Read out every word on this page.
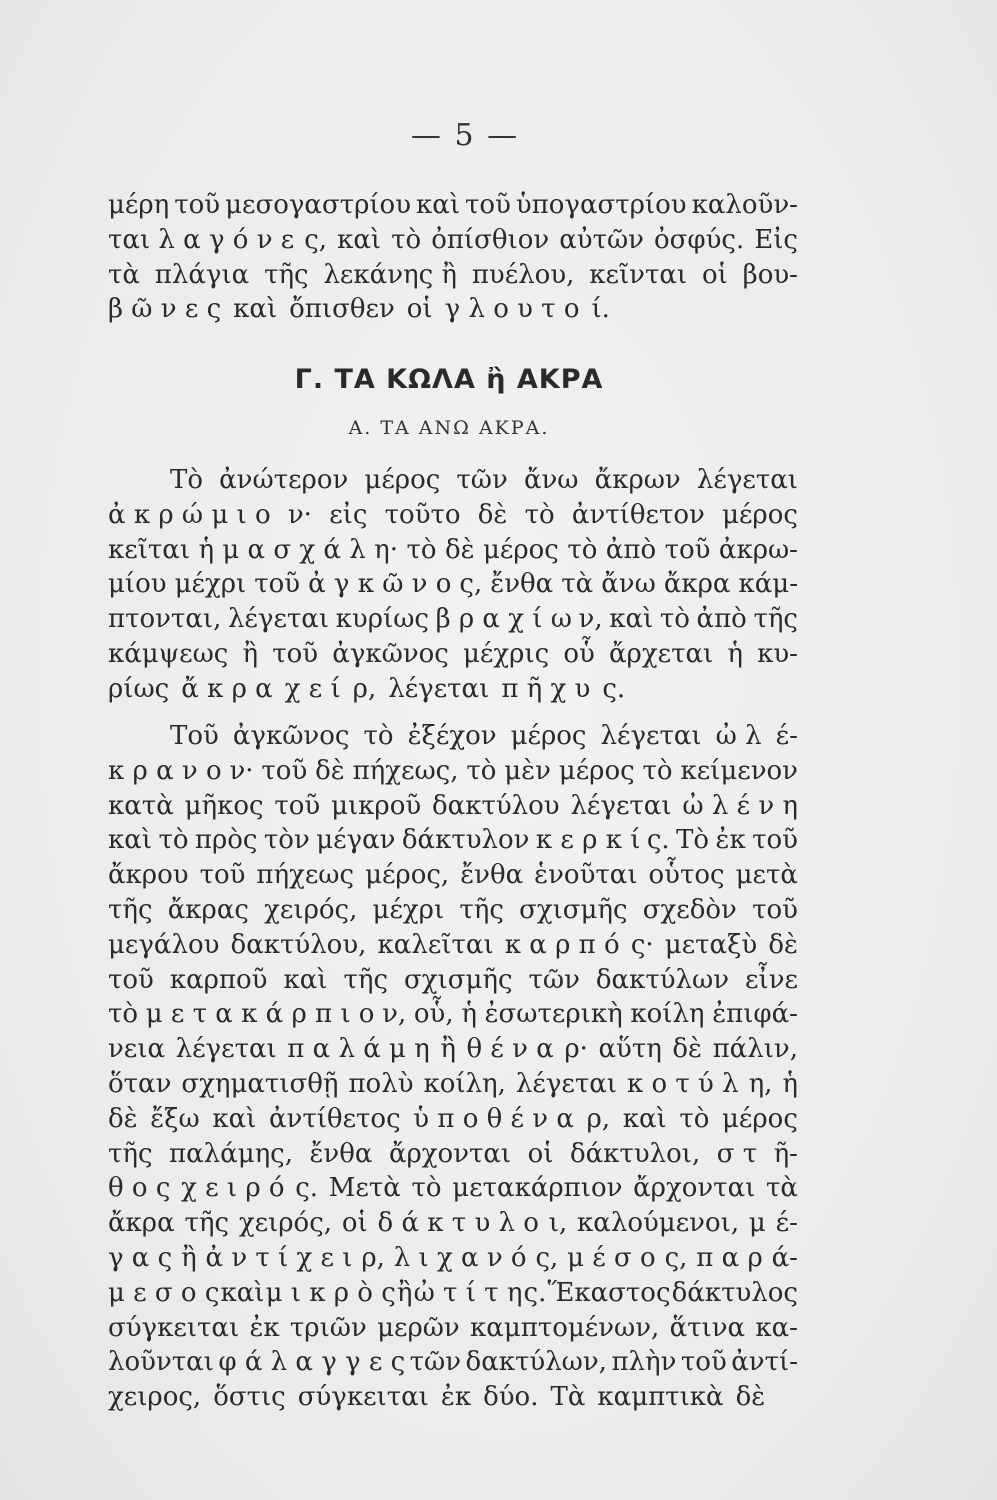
— 5 —
μέρη τοῦ μεσογαστρίου καὶ τοῦ ὑπογαστρίου καλοῦν-
ται λ α γ ό ν ε ς, καὶ τὸ ὀπίσθιον αὐτῶν ὀσφύς. Εἰς
τὰ πλάγια τῆς λεκάνης ἢ πυέλου, κεῖνται οἱ βου-
β ῶ ν ε ς καὶ ὄπισθεν οἱ γ λ ο υ τ ο ί.
Γ. ΤΑ ΚΩΛΑ ἢ ΑΚΡΑ
Α. ΤΑ ΑΝΩ ΑΚΡΑ.
Τὸ ἀνώτερον μέρος τῶν ἄνω ἄκρων λέγεται
ἀ κ ρ ώ μ ι ο ν· εἰς τοῦτο δὲ τὸ ἀντίθετον μέρος
κεῖται ἡ μ α σ χ ά λ η· τὸ δὲ μέρος τὸ ἀπὸ τοῦ ἀκρω-
μίου μέχρι τοῦ ἀ γ κ ῶ ν ο ς, ἔνθα τὰ ἄνω ἄκρα κάμ-
πτονται, λέγεται κυρίως β ρ α χ ί ω ν, καὶ τὸ ἀπὸ τῆς
κάμψεως ἢ τοῦ ἀγκῶνος μέχρις οὗ ἄρχεται ἡ κυ-
ρίως ἄ κ ρ α χ ε ί ρ, λέγεται π ῆ χ υ ς.
Τοῦ ἀγκῶνος τὸ ἐξέχον μέρος λέγεται ὠ λ έ-
κ ρ α ν ο ν· τοῦ δὲ πήχεως, τὸ μὲν μέρος τὸ κείμενον
κατὰ μῆκος τοῦ μικροῦ δακτύλου λέγεται ὠ λ έ ν η
καὶ τὸ πρὸς τὸν μέγαν δάκτυλον κ ε ρ κ ί ς. Τὸ ἐκ τοῦ
ἄκρου τοῦ πήχεως μέρος, ἔνθα ἑνοῦται οὗτος μετὰ
τῆς ἄκρας χειρός, μέχρι τῆς σχισμῆς σχεδὸν τοῦ
μεγάλου δακτύλου, καλεῖται κ α ρ π ό ς· μεταξὺ δὲ
τοῦ καρποῦ καὶ τῆς σχισμῆς τῶν δακτύλων εἶνε
τὸ μ ε τ α κ ά ρ π ι ο ν, οὗ, ἡ ἐσωτερικὴ κοίλη ἐπιφά-
νεια λέγεται π α λ ά μ η ἢ θ έ ν α ρ· αὕτη δὲ πάλιν,
ὅταν σχηματισθῇ πολὺ κοίλη, λέγεται κ ο τ ύ λ η, ἡ
δὲ ἔξω καὶ ἀντίθετος ὑ π ο θ έ ν α ρ, καὶ τὸ μέρος
τῆς παλάμης, ἔνθα ἄρχονται οἱ δάκτυλοι, σ τ ῆ-
θ ο ς χ ε ι ρ ό ς. Μετὰ τὸ μετακάρπιον ἄρχονται τὰ
ἄκρα τῆς χειρός, οἱ δ ά κ τ υ λ ο ι, καλούμενοι, μ έ-
γ α ς ἢ ἀ ν τ ί χ ε ι ρ, λ ι χ α ν ό ς, μ έ σ ο ς, π α ρ ά-
μ ε σ ο ς καὶ μ ι κ ρ ὸ ς ἢ ὠ τ ί τ η ς. Ἕκαστος δάκτυλος
σύγκειται ἐκ τριῶν μερῶν καμπτομένων, ἅτινα κα-
λοῦνται φ ά λ α γ γ ε ς τῶν δακτύλων, πλὴν τοῦ ἀντί-
χειρος, ὅστις σύγκειται ἐκ δύο. Τὰ καμπτικὰ δὲ
